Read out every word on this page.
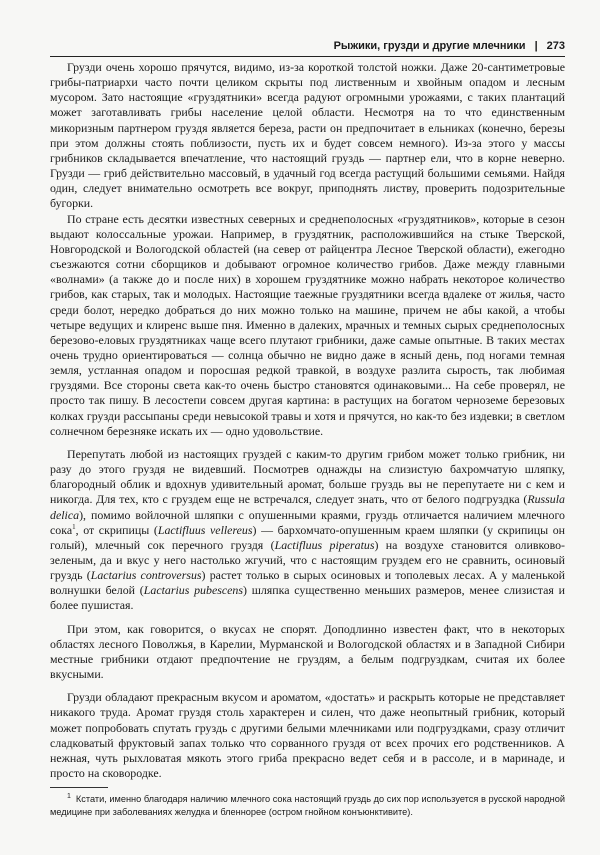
Рыжики, грузди и другие млечники | 273

Грузди очень хорошо прячутся, видимо, из-за короткой толстой ножки. Даже 20-сантиметровые грибы-патриархи часто почти целиком скрыты под лиственным и хвойным опадом и лесным мусором. Зато настоящие «груздятники» всегда радуют огромными урожаями, с таких плантаций может заготавливать грибы население целой области. Несмотря на то что единственным микоризным партнером груздя является береза, расти он предпочитает в ельниках (конечно, березы при этом должны стоять поблизости, пусть их и будет совсем немного). Из-за этого у массы грибников складывается впечатление, что настоящий груздь — партнер ели, что в корне неверно. Грузди — гриб действительно массовый, в удачный год всегда растущий большими семьями. Найдя один, следует внимательно осмотреть все вокруг, приподнять листву, проверить подозрительные бугорки.

По стране есть десятки известных северных и среднеполосных «груздятников», которые в сезон выдают колоссальные урожаи. Например, в груздятник, расположившийся на стыке Тверской, Новгородской и Вологодской областей (на север от райцентра Лесное Тверской области), ежегодно съезжаются сотни сборщиков и добывают огромное количество грибов. Даже между главными «волнами» (а также до и после них) в хорошем груздятнике можно набрать некоторое количество грибов, как старых, так и молодых. Настоящие таежные груздятники всегда вдалеке от жилья, часто среди болот, нередко добраться до них можно только на машине, причем не абы какой, а чтобы четыре ведущих и клиренс выше пня. Именно в далеких, мрачных и темных сырых среднеполосных березово-еловых груздятниках чаще всего плутают грибники, даже самые опытные. В таких местах очень трудно ориентироваться — солнца обычно не видно даже в ясный день, под ногами темная земля, устланная опадом и поросшая редкой травкой, в воздухе разлита сырость, так любимая груздями. Все стороны света как-то очень быстро становятся одинаковыми... На себе проверял, не просто так пишу. В лесостепи совсем другая картина: в растущих на богатом черноземе березовых колках грузди рассыпаны среди невысокой травы и хотя и прячутся, но как-то без издевки; в светлом солнечном березняке искать их — одно удовольствие.

Перепутать любой из настоящих груздей с каким-то другим грибом может только грибник, ни разу до этого груздя не видевший. Посмотрев однажды на слизистую бахромчатую шляпку, благородный облик и вдохнув удивительный аромат, больше груздь вы не перепутаете ни с кем и никогда. Для тех, кто с груздем еще не встречался, следует знать, что от белого подгруздка (Russula delica), помимо войлочной шляпки с опушенными краями, груздь отличается наличием млечного сока$^1$, от скрипицы (Lactifluus vellereus) — бархомчато-опушенным краем шляпки (у скрипицы он голый), млечный сок перечного груздя (Lactifluus piperatus) на воздухе становится оливково-зеленым, да и вкус у него настолько жгучий, что с настоящим груздем его не сравнить, осиновый груздь (Lactarius controversus) растет только в сырых осиновых и тополевых лесах. А у маленькой волнушки белой (Lactarius pubescens) шляпка существенно меньших размеров, менее слизистая и более пушистая.

При этом, как говорится, о вкусах не спорят. Доподлинно известен факт, что в некоторых областях лесного Поволжья, в Карелии, Мурманской и Вологодской областях и в Западной Сибири местные грибники отдают предпочтение не груздям, а белым подгруздкам, считая их более вкусными.

Грузди обладают прекрасным вкусом и ароматом, «достать» и раскрыть которые не представляет никакого труда. Аромат груздя столь характерен и силен, что даже неопытный грибник, который может попробовать спутать груздь с другими белыми млечниками или подгруздками, сразу отличит сладковатый фруктовый запах только что сорванного груздя от всех прочих его родственников. А нежная, чуть рыхловатая мякоть этого гриба прекрасно ведет себя и в рассоле, и в маринаде, и просто на сковородке.

$^1$ Кстати, именно благодаря наличию млечного сока настоящий груздь до сих пор используется в русской народной медицине при заболеваниях желудка и бленнорее (остром гнойном конъюнктивите).
